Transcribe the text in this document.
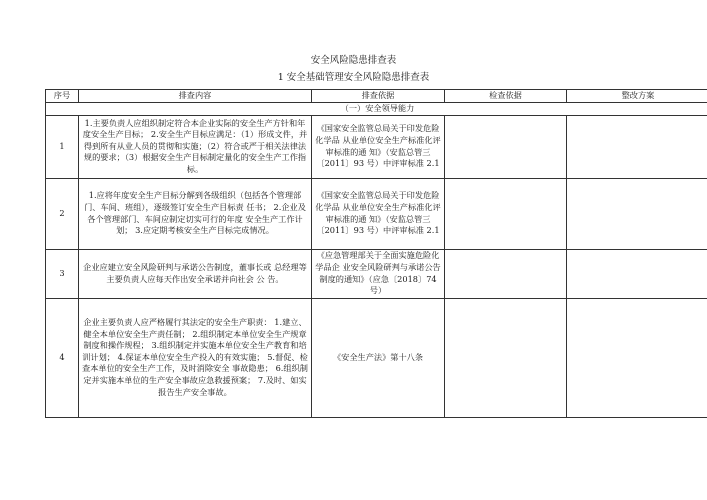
安全风险隐患排查表
1 安全基础管理安全风险隐患排查表
序号	排查内容	排查依据	检查依据	整改方案
（一）安全领导能力				
1	1.主要负责人应组织制定符合本企业实际的安全生产方针和年度安全生产目标； 2.安全生产目标应满足：（1）形成文件，并得到所有从业人员的贯彻和实施；（2）符合或严于相关法律法规的要求；（3）根据安全生产目标制定量化的安全生产工作指标。	《国家安全监管总局关于印发危险化学品 从业单位安全生产标准化评审标准的通 知》（安监总管三〔2011〕93 号）中评审标准 2.1		
2	1.应将年度安全生产目标分解到各级组织（包括各个管理部门、车间、班组），逐级签订安全生产目标责 任书； 2.企业及各个管理部门、车间应制定切实可行的年度 安全生产工作计划； 3.应定期考核安全生产目标完成情况。	《国家安全监管总局关于印发危险化学品 从业单位安全生产标准化评审标准的通 知》（安监总管三〔2011〕93 号）中评审标准 2.1		
3	企业应建立安全风险研判与承诺公告制度，董事长或 总经理等主要负责人应每天作出安全承诺并向社会 公 告。	《应急管理部关于全面实施危险化学品企 业安全风险研判与承诺公告制度的通知》（应急〔2018〕74 号）		
4	企业主要负责人应严格履行其法定的安全生产职责： 1.建立、健全本单位安全生产责任制； 2.组织制定本单位安全生产规章制度和操作规程； 3.组织制定并实施本单位安全生产教育和培训计划； 4.保证本单位安全生产投入的有效实施； 5.督促、检查本单位的安全生产工作，及时消除安全 事故隐患； 6.组织制定并实施本单位的生产安全事故应急救援预案； 7.及时、如实报告生产安全事故。	《安全生产法》第十八条		
